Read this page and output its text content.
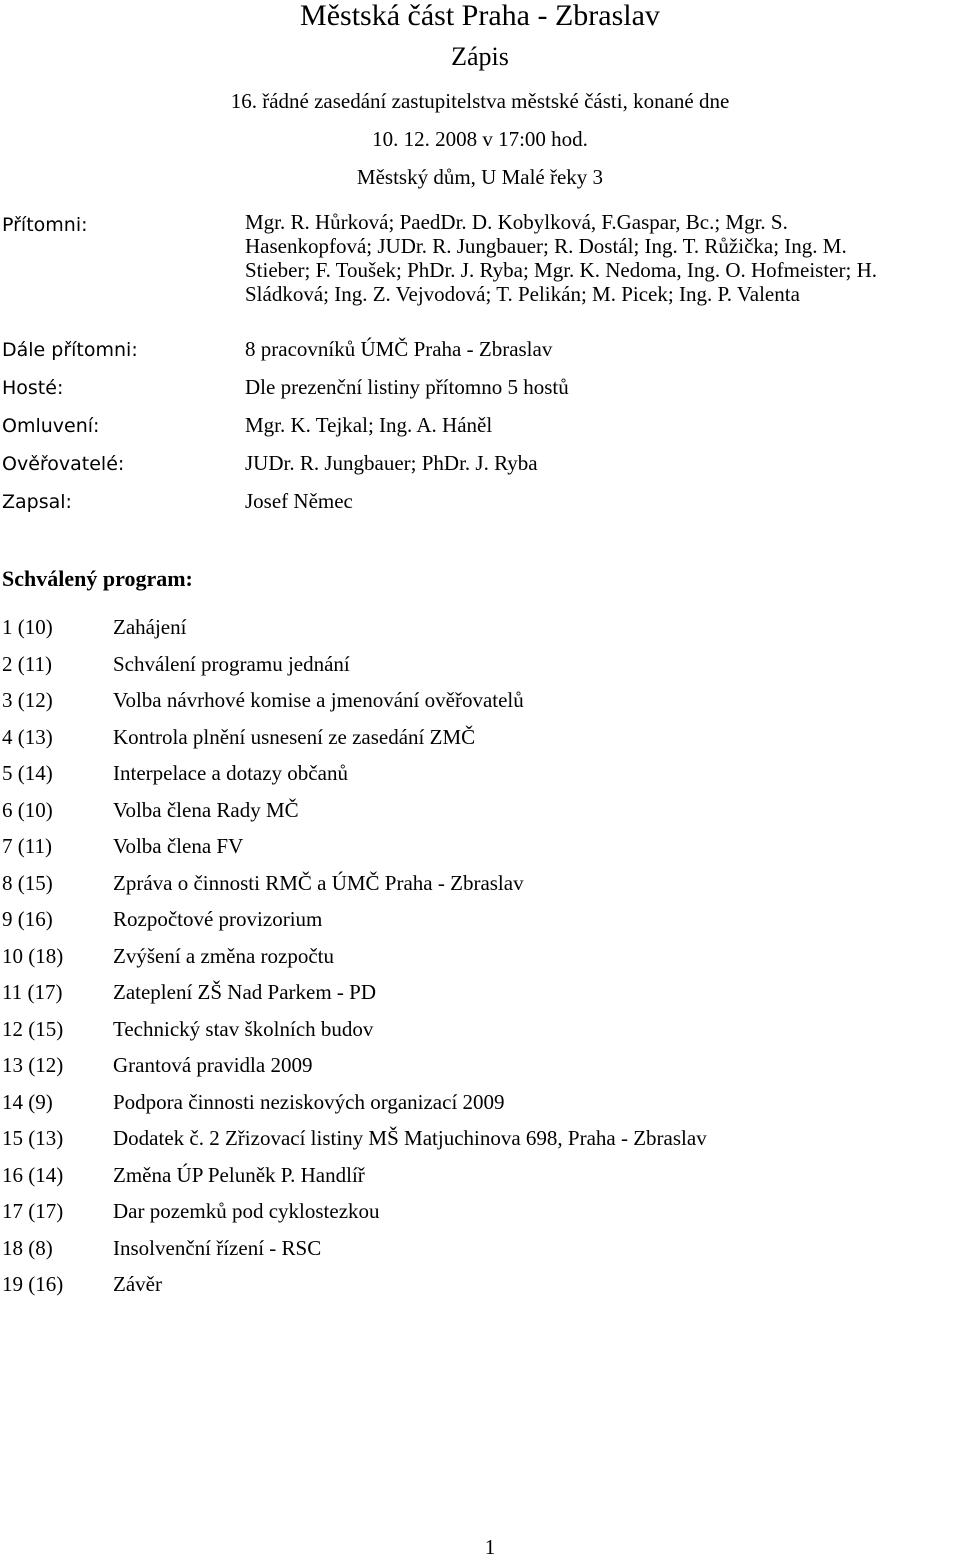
Městská část Praha - Zbraslav
Zápis
16. řádné zasedání zastupitelstva městské části, konané dne
10. 12. 2008 v 17:00 hod.
Městský dům, U Malé řeky 3
Přítomni:	Mgr. R. Hůrková; PaedDr. D. Kobylková, F.Gaspar, Bc.; Mgr. S.
Hasenkopfová; JUDr. R. Jungbauer; R. Dostál; Ing. T. Růžička; Ing. M.
Stieber; F. Toušek; PhDr. J. Ryba; Mgr. K. Nedoma, Ing. O. Hofmeister; H.
Sládková; Ing. Z. Vejvodová; T. Pelikán; M. Picek; Ing. P. Valenta
Dále přítomni:	8 pracovníků ÚMČ Praha - Zbraslav
Hosté:	Dle prezenční listiny přítomno 5 hostů
Omluvení:	Mgr. K. Tejkal; Ing. A. Háněl
Ověřovatelé:	JUDr. R. Jungbauer; PhDr. J. Ryba
Zapsal:	Josef Němec
Schválený program:
1 (10)	Zahájení
2 (11)	Schválení programu jednání
3 (12)	Volba návrhové komise a jmenování ověřovatelů
4 (13)	Kontrola plnění usnesení ze zasedání ZMČ
5 (14)	Interpelace a dotazy občanů
6 (10)	Volba člena Rady MČ
7 (11)	Volba člena FV
8 (15)	Zpráva o činnosti RMČ a ÚMČ Praha - Zbraslav
9 (16)	Rozpočtové provizorium
10 (18) Zvýšení a změna rozpočtu
11 (17) Zateplení ZŠ Nad Parkem - PD
12 (15) Technický stav školních budov
13 (12) Grantová pravidla 2009
14 (9)	Podpora činnosti neziskových organizací 2009
15 (13) Dodatek č. 2 Zřizovací listiny MŠ Matjuchinova 698, Praha - Zbraslav
16 (14) Změna ÚP Peluněk P. Handlíř
17 (17) Dar pozemků pod cyklostezkou
18 (8)	Insolvenční řízení - RSC
19 (16) Závěr
1
